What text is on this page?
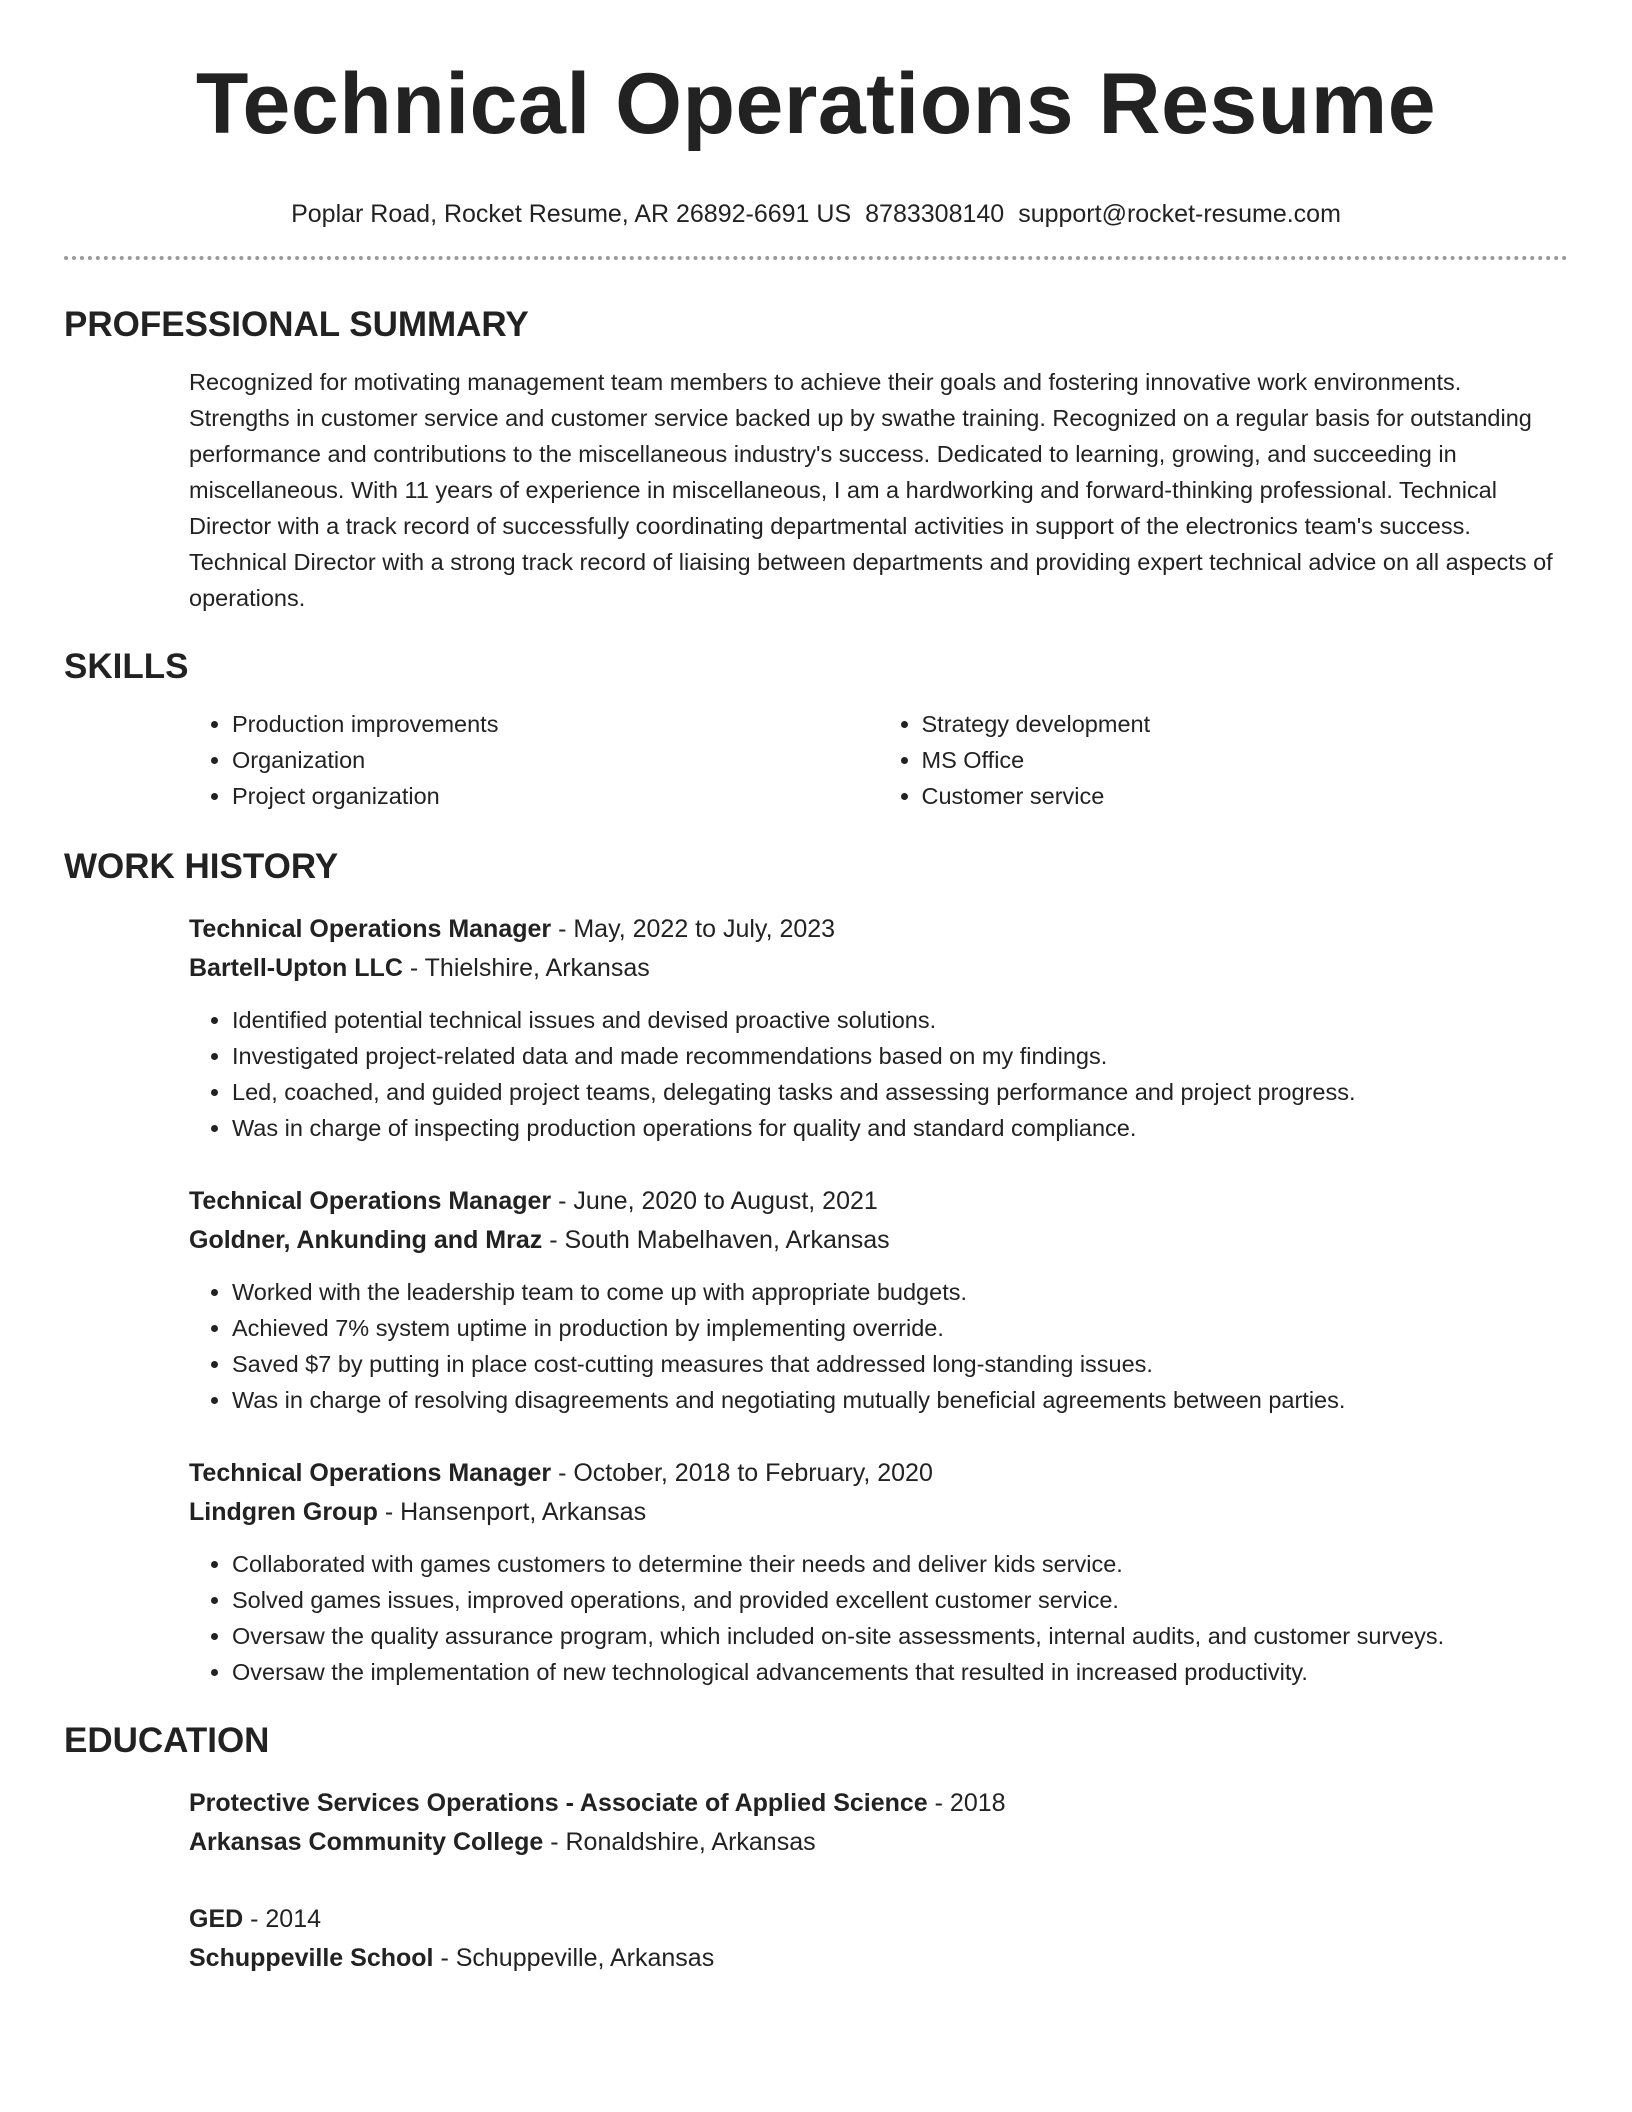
Technical Operations Resume
Poplar Road, Rocket Resume, AR 26892-6691 US 8783308140 support@rocket-resume.com
PROFESSIONAL SUMMARY

Recognized for motivating management team members to achieve their goals and fostering innovative work environments. Strengths in customer service and customer service backed up by swathe training. Recognized on a regular basis for outstanding performance and contributions to the miscellaneous industry's success. Dedicated to learning, growing, and succeeding in miscellaneous. With 11 years of experience in miscellaneous, I am a hardworking and forward-thinking professional. Technical Director with a track record of successfully coordinating departmental activities in support of the electronics team's success. Technical Director with a strong track record of liaising between departments and providing expert technical advice on all aspects of operations.

SKILLS
• Production improvements
• Organization
• Project organization
• Strategy development
• MS Office
• Customer service
WORK HISTORY
Technical Operations Manager - May, 2022 to July, 2023
Bartell-Upton LLC - Thielshire, Arkansas
• Identified potential technical issues and devised proactive solutions.
• Investigated project-related data and made recommendations based on my findings.
• Led, coached, and guided project teams, delegating tasks and assessing performance and project progress.
• Was in charge of inspecting production operations for quality and standard compliance.
Technical Operations Manager - June, 2020 to August, 2021
Goldner, Ankunding and Mraz - South Mabelhaven, Arkansas
• Worked with the leadership team to come up with appropriate budgets.
• Achieved 7% system uptime in production by implementing override.
• Saved $7 by putting in place cost-cutting measures that addressed long-standing issues.
• Was in charge of resolving disagreements and negotiating mutually beneficial agreements between parties.
Technical Operations Manager - October, 2018 to February, 2020
Lindgren Group - Hansenport, Arkansas
• Collaborated with games customers to determine their needs and deliver kids service.
• Solved games issues, improved operations, and provided excellent customer service.
• Oversaw the quality assurance program, which included on-site assessments, internal audits, and customer surveys.
• Oversaw the implementation of new technological advancements that resulted in increased productivity.
EDUCATION
Protective Services Operations - Associate of Applied Science - 2018
Arkansas Community College - Ronaldshire, Arkansas
GED - 2014
Schuppeville School - Schuppeville, Arkansas
